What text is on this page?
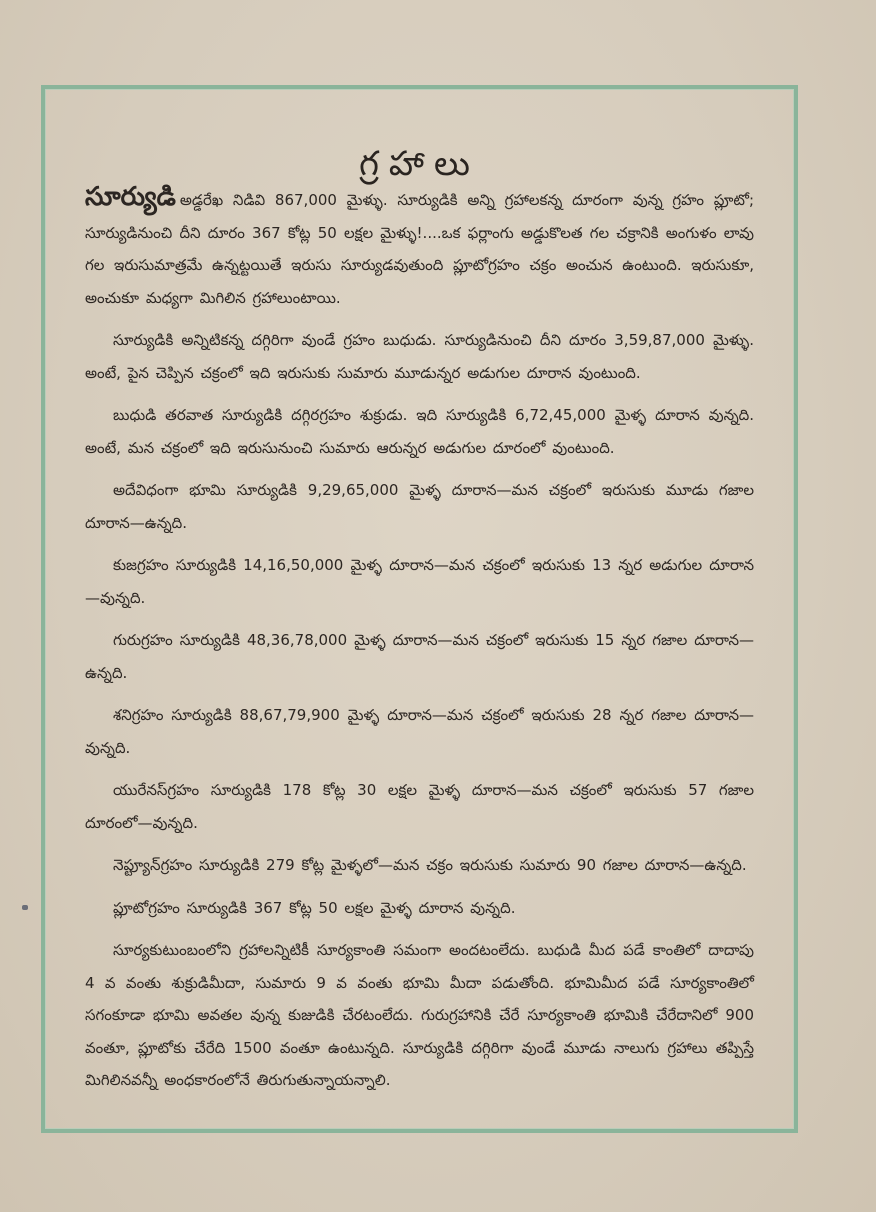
గ్రహాలు

సూర్యుడి అడ్డరేఖ నిడివి 867,000 మైళ్ళు. సూర్యుడికి అన్ని గ్రహాలకన్న దూరంగా వున్న గ్రహం ప్లూటో; సూర్యుడినుంచి దీని దూరం 367 కోట్ల 50 లక్షల మైళ్ళు!....ఒక ఫర్లాంగు అడ్డుకొలత గల చక్రానికి అంగుళం లావు గల ఇరుసుమాత్రమే ఉన్నట్టయితే ఇరుసు సూర్యుడవుతుంది ప్లూటోగ్రహం చక్రం అంచున ఉంటుంది. ఇరుసుకూ, అంచుకూ మధ్యగా మిగిలిన గ్రహాలుంటాయి.

సూర్యుడికి అన్నిటికన్న దగ్గిరిగా వుండే గ్రహం బుధుడు. సూర్యుడినుంచి దీని దూరం 3,59,87,000 మైళ్ళు. అంటే, పైన చెప్పిన చక్రంలో ఇది ఇరుసుకు సుమారు మూడున్నర అడుగుల దూరాన వుంటుంది.

బుధుడి తరవాత సూర్యుడికి దగ్గిరగ్రహం శుక్రుడు. ఇది సూర్యుడికి 6,72,45,000 మైళ్ళ దూరాన వున్నది. అంటే, మన చక్రంలో ఇది ఇరుసునుంచి సుమారు ఆరున్నర అడుగుల దూరంలో వుంటుంది.

అదేవిధంగా భూమి సూర్యుడికి 9,29,65,000 మైళ్ళ దూరాన—మన చక్రంలో ఇరుసుకు మూడు గజాల దూరాన—ఉన్నది.

కుజగ్రహం సూర్యుడికి 14,16,50,000 మైళ్ళ దూరాన—మన చక్రంలో ఇరుసుకు 13 న్నర అడుగుల దూరాన—వున్నది.

గురుగ్రహం సూర్యుడికి 48,36,78,000 మైళ్ళ దూరాన—మన చక్రంలో ఇరుసుకు 15 న్నర గజాల దూరాన—ఉన్నది.

శనిగ్రహం సూర్యుడికి 88,67,79,900 మైళ్ళ దూరాన—మన చక్రంలో ఇరుసుకు 28 న్నర గజాల దూరాన—వున్నది.

యురేనస్‌గ్రహం సూర్యుడికి 178 కోట్ల 30 లక్షల మైళ్ళ దూరాన—మన చక్రంలో ఇరుసుకు 57 గజాల దూరంలో—వున్నది.

నెప్ట్యూన్‌గ్రహం సూర్యుడికి 279 కోట్ల మైళ్ళలో—మన చక్రం ఇరుసుకు సుమారు 90 గజాల దూరాన—ఉన్నది.

ప్లూటోగ్రహం సూర్యుడికి 367 కోట్ల 50 లక్షల మైళ్ళ దూరాన వున్నది.

సూర్యకుటుంబంలోని గ్రహాలన్నిటికీ సూర్యకాంతి సమంగా అందటంలేదు. బుధుడి మీద పడే కాంతిలో దాదాపు 4 వ వంతు శుక్రుడిమీదా, సుమారు 9 వ వంతు భూమి మీదా పడుతోంది. భూమిమీద పడే సూర్యకాంతిలో సగంకూడా భూమి అవతల వున్న కుజుడికి చేరటంలేదు. గురుగ్రహానికి చేరే సూర్యకాంతి భూమికి చేరేదానిలో 900 వంతూ, ప్లూటోకు చేరేది 1500 వంతూ ఉంటున్నది. సూర్యుడికి దగ్గిరిగా వుండే మూడు నాలుగు గ్రహాలు తప్పిస్తే మిగిలినవన్నీ అంధకారంలోనే తిరుగుతున్నాయన్నాలి.
